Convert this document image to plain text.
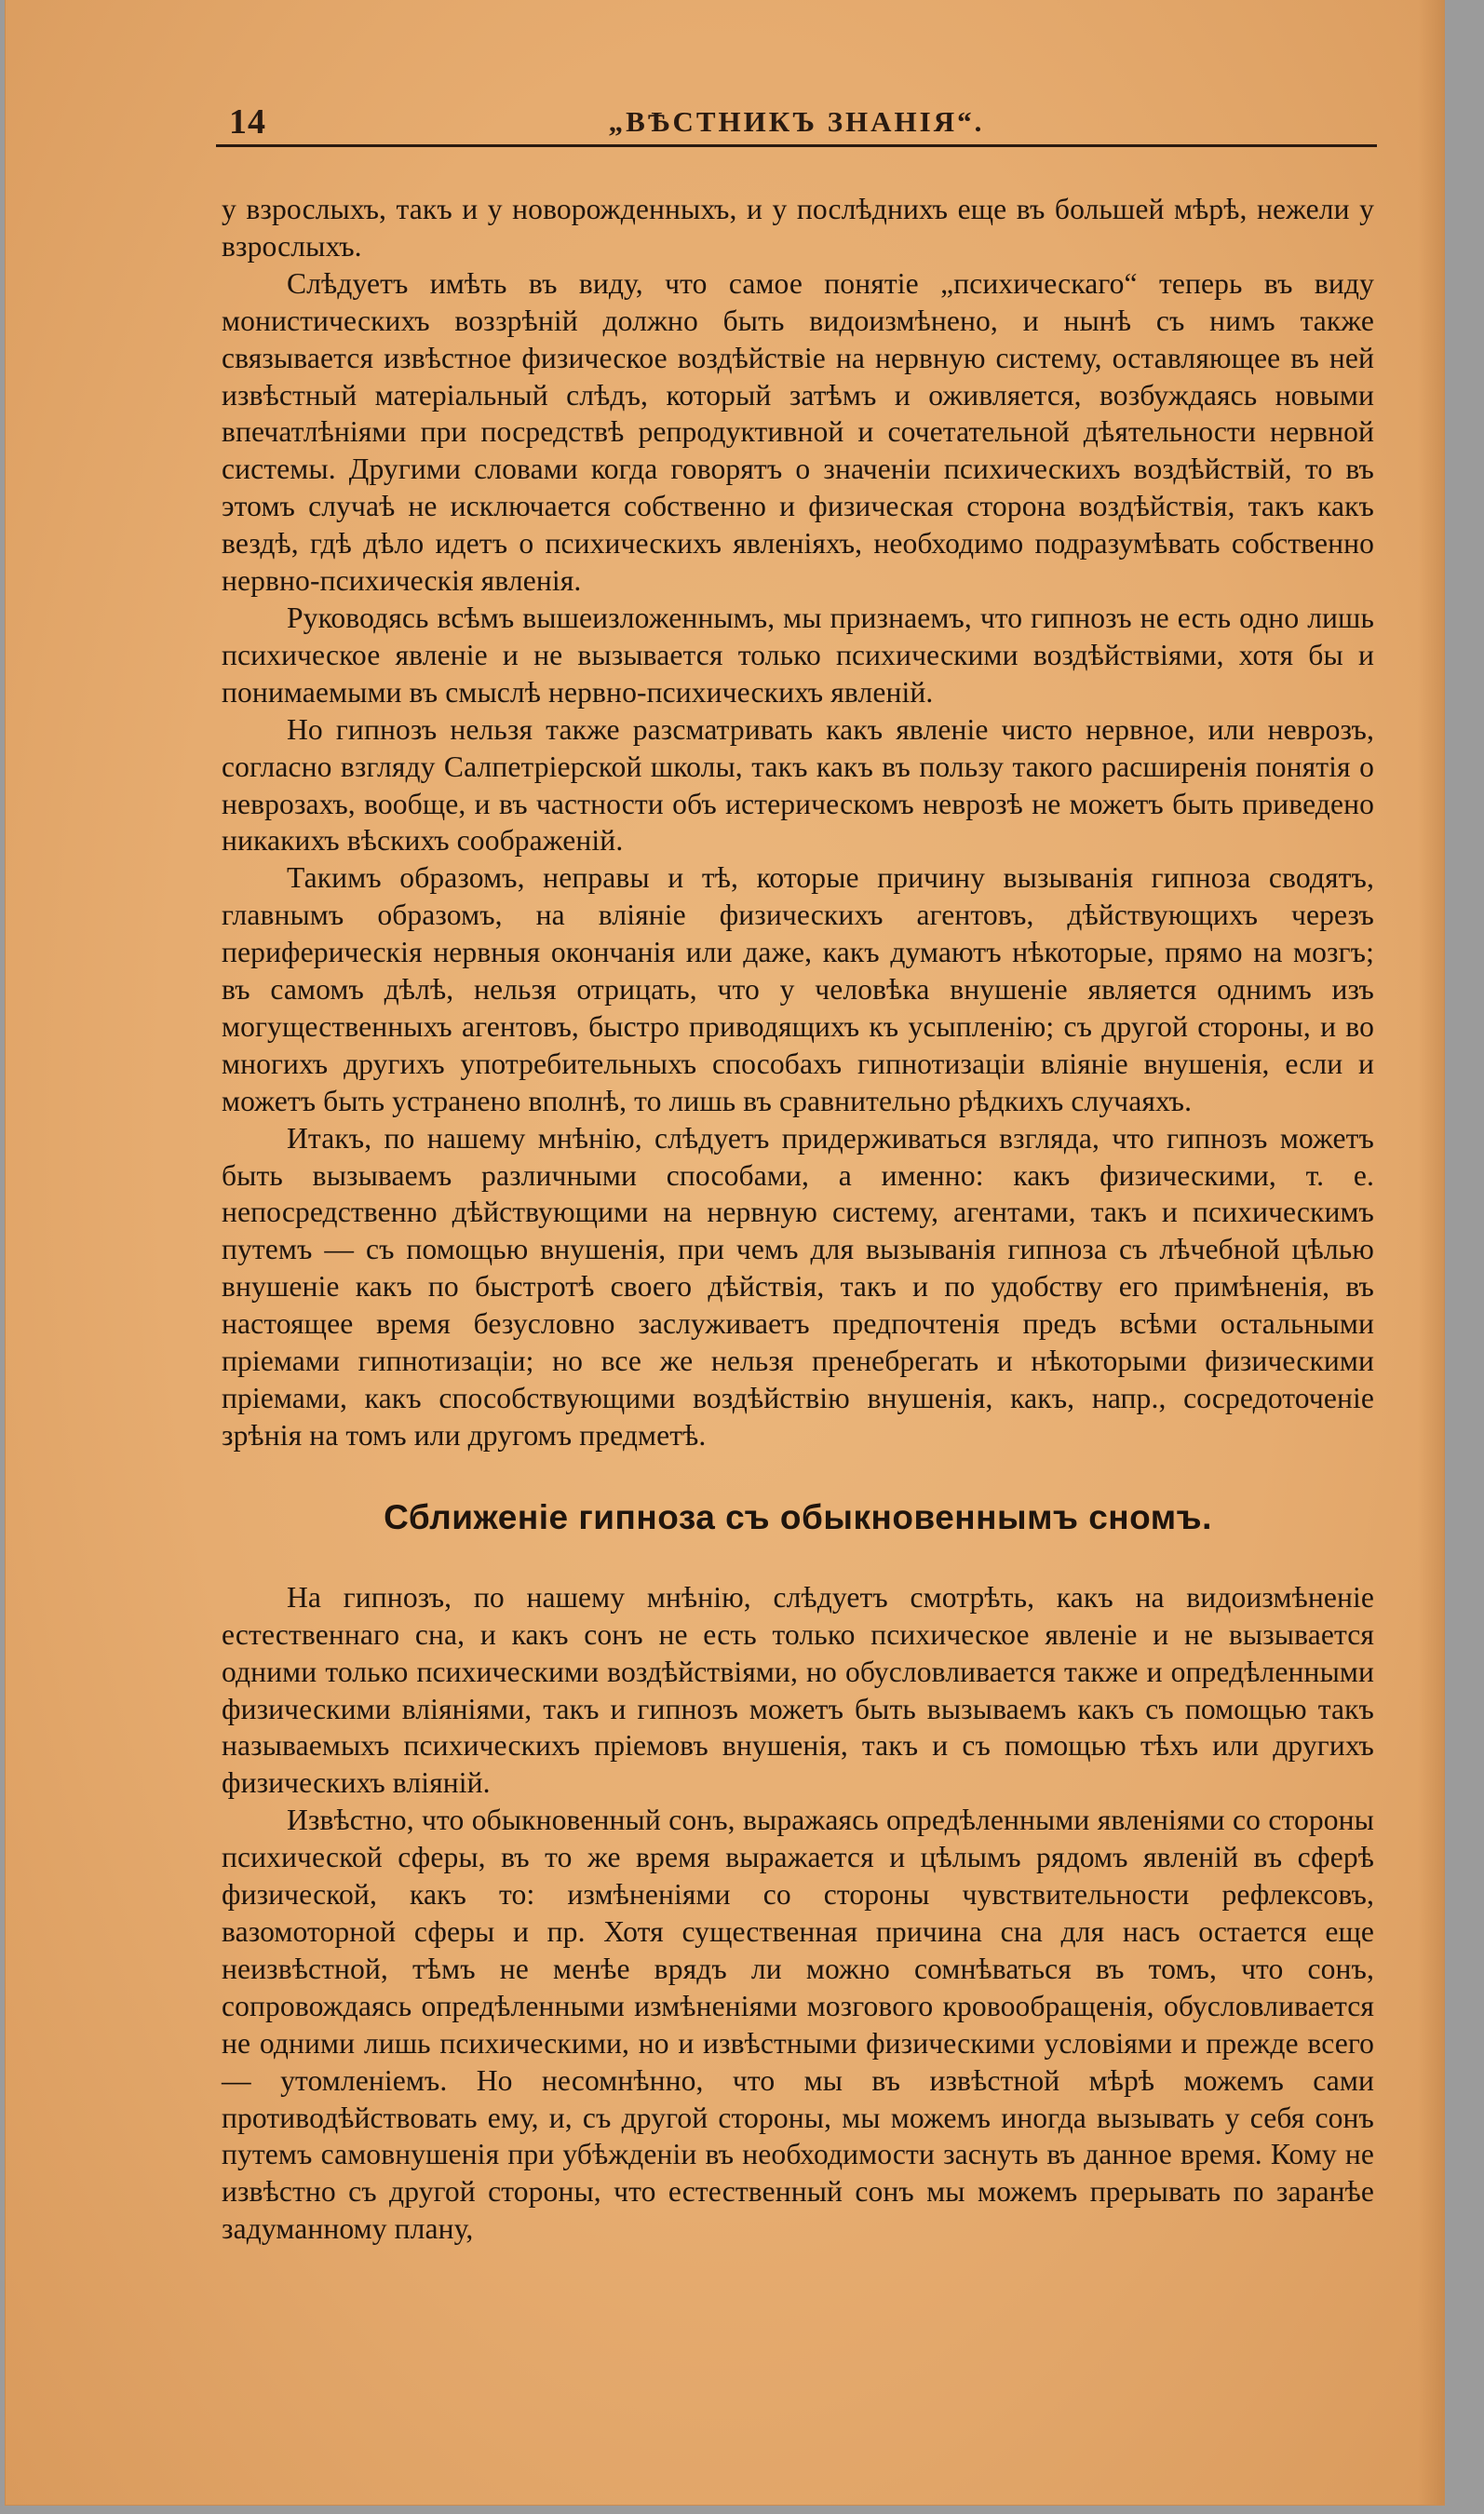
14	„ВѢСТНИКЪ ЗНАНІЯ“.

у взрослыхъ, такъ и у новорожденныхъ, и у послѣднихъ еще въ большей мѣрѣ, нежели у взрослыхъ.

Слѣдуетъ имѣть въ виду, что самое понятіе „психическаго“ теперь въ виду монистическихъ воззрѣній должно быть видоизмѣнено, и нынѣ съ нимъ также связывается извѣстное физическое воздѣйствіе на нервную систему, оставляющее въ ней извѣстный матеріальный слѣдъ, который затѣмъ и оживляется, возбуждаясь новыми впечатлѣніями при посредствѣ репродуктивной и сочетательной дѣятельности нервной системы. Другими словами когда говорятъ о значеніи психическихъ воздѣйствій, то въ этомъ случаѣ не исключается собственно и физическая сторона воздѣйствія, такъ какъ вездѣ, гдѣ дѣло идетъ о психическихъ явленіяхъ, необходимо подразумѣвать собственно нервно-психическія явленія.

Руководясь всѣмъ вышеизложеннымъ, мы признаемъ, что гипнозъ не есть одно лишь психическое явленіе и не вызывается только психическими воздѣйствіями, хотя бы и понимаемыми въ смыслѣ нервно-психическихъ явленій.

Но гипнозъ нельзя также разсматривать какъ явленіе чисто нервное, или неврозъ, согласно взгляду Салпетріерской школы, такъ какъ въ пользу такого расширенія понятія о неврозахъ, вообще, и въ частности объ истерическомъ неврозѣ не можетъ быть приведено никакихъ вѣскихъ соображеній.

Такимъ образомъ, неправы и тѣ, которые причину вызыванія гипноза сводятъ, главнымъ образомъ, на вліяніе физическихъ агентовъ, дѣйствующихъ черезъ периферическія нервныя окончанія или даже, какъ думаютъ нѣкоторые, прямо на мозгъ; въ самомъ дѣлѣ, нельзя отрицать, что у человѣка внушеніе является однимъ изъ могущественныхъ агентовъ, быстро приводящихъ къ усыпленію; съ другой стороны, и во многихъ другихъ употребительныхъ способахъ гипнотизаціи вліяніе внушенія, если и можетъ быть устранено вполнѣ, то лишь въ сравнительно рѣдкихъ случаяхъ.

Итакъ, по нашему мнѣнію, слѣдуетъ придерживаться взгляда, что гипнозъ можетъ быть вызываемъ различными способами, а именно: какъ физическими, т. е. непосредственно дѣйствующими на нервную систему, агентами, такъ и психическимъ путемъ — съ помощью внушенія, при чемъ для вызыванія гипноза съ лѣчебной цѣлью внушеніе какъ по быстротѣ своего дѣйствія, такъ и по удобству его примѣненія, въ настоящее время безусловно заслуживаетъ предпочтенія предъ всѣми остальными пріемами гипнотизаціи; но все же нельзя пренебрегать и нѣкоторыми физическими пріемами, какъ способствующими воздѣйствію внушенія, какъ, напр., сосредоточеніе зрѣнія на томъ или другомъ предметѣ.

Сближеніе гипноза съ обыкновеннымъ сномъ.

На гипнозъ, по нашему мнѣнію, слѣдуетъ смотрѣть, какъ на видоизмѣненіе естественнаго сна, и какъ сонъ не есть только психическое явленіе и не вызывается одними только психическими воздѣйствіями, но обусловливается также и опредѣленными физическими вліяніями, такъ и гипнозъ можетъ быть вызываемъ какъ съ помощью такъ называемыхъ психическихъ пріемовъ внушенія, такъ и съ помощью тѣхъ или другихъ физическихъ вліяній.

Извѣстно, что обыкновенный сонъ, выражаясь опредѣленными явленіями со стороны психической сферы, въ то же время выражается и цѣлымъ рядомъ явленій въ сферѣ физической, какъ то: измѣненіями со стороны чувствительности рефлексовъ, вазомоторной сферы и пр. Хотя существенная причина сна для насъ остается еще неизвѣстной, тѣмъ не менѣе врядъ ли можно сомнѣваться въ томъ, что сонъ, сопровождаясь опредѣленными измѣненіями мозгового кровообращенія, обусловливается не одними лишь психическими, но и извѣстными физическими условіями и прежде всего — утомленіемъ. Но несомнѣнно, что мы въ извѣстной мѣрѣ можемъ сами противодѣйствовать ему, и, съ другой стороны, мы можемъ иногда вызывать у себя сонъ путемъ самовнушенія при убѣжденіи въ необходимости заснуть въ данное время. Кому не извѣстно съ другой стороны, что естественный сонъ мы можемъ прерывать по заранѣе задуманному плану,
